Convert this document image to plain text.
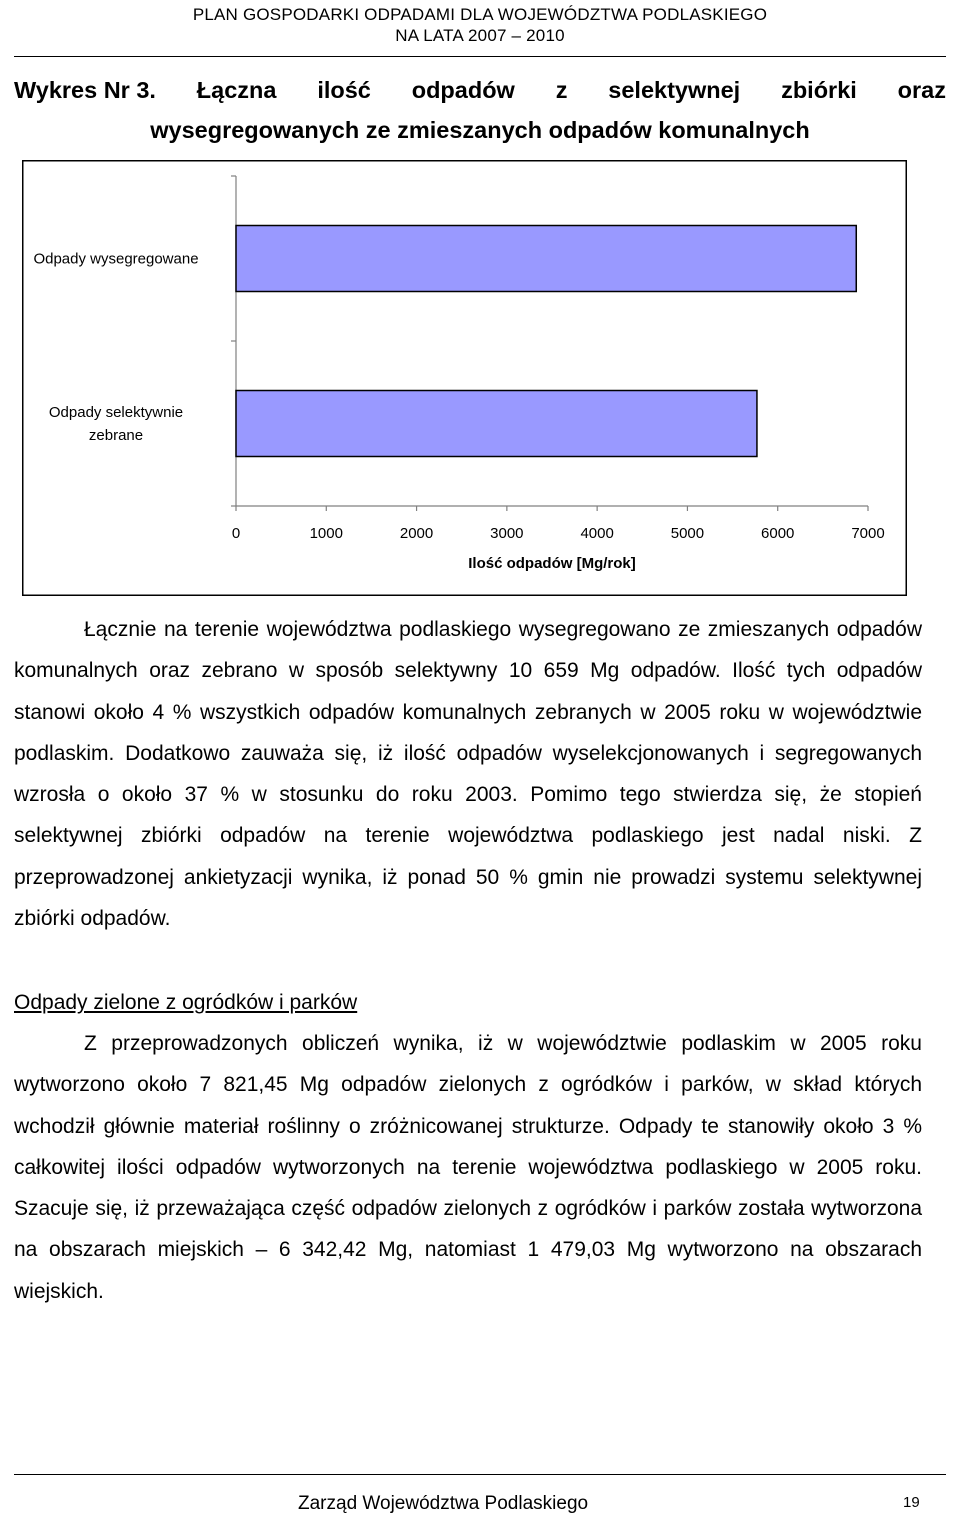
PLAN GOSPODARKI ODPADAMI DLA WOJEWÓDZTWA PODLASKIEGO
NA LATA 2007 – 2010
Wykres Nr 3. Łączna ilość odpadów z selektywnej zbiórki oraz
wysegregowanych ze zmieszanych odpadów komunalnych
Odpady wysegregowane
Odpady selektywnie zebrane
0	1000	2000	3000	4000	5000	6000	7000
Ilość odpadów [Mg/rok]
Łącznie na terenie województwa podlaskiego wysegregowano ze zmieszanych odpadów komunalnych oraz zebrano w sposób selektywny 10 659 Mg odpadów. Ilość tych odpadów stanowi około 4 % wszystkich odpadów komunalnych zebranych w 2005 roku w województwie podlaskim. Dodatkowo zauważa się, iż ilość odpadów wyselekcjonowanych i segregowanych wzrosła o około 37 % w stosunku do roku 2003. Pomimo tego stwierdza się, że stopień selektywnej zbiórki odpadów na terenie województwa podlaskiego jest nadal niski. Z przeprowadzonej ankietyzacji wynika, iż ponad 50 % gmin nie prowadzi systemu selektywnej zbiórki odpadów.
Odpady zielone z ogródków i parków
Z przeprowadzonych obliczeń wynika, iż w województwie podlaskim w 2005 roku wytworzono około 7 821,45 Mg odpadów zielonych z ogródków i parków, w skład których wchodził głównie materiał roślinny o zróżnicowanej strukturze. Odpady te stanowiły około 3 % całkowitej ilości odpadów wytworzonych na terenie województwa podlaskiego w 2005 roku. Szacuje się, iż przeważająca część odpadów zielonych z ogródków i parków została wytworzona na obszarach miejskich – 6 342,42 Mg, natomiast 1 479,03 Mg wytworzono na obszarach wiejskich.
Zarząd Województwa Podlaskiego	19
